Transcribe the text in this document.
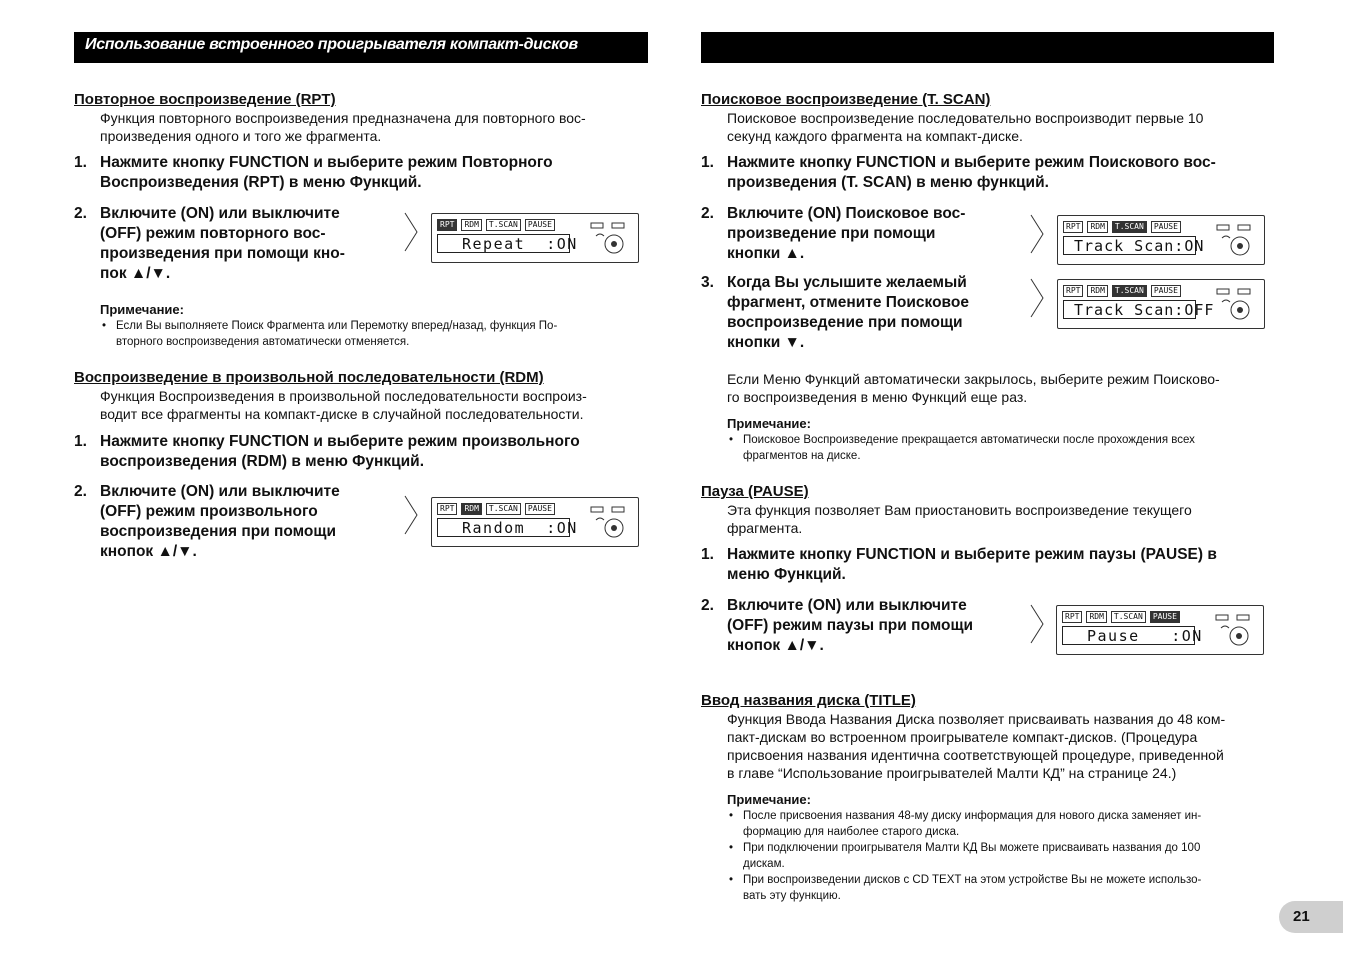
Использование встроенного проигрывателя компакт-дисков

Повторное воспроизведение (RPT)

Функция повторного воспроизведения предназначена для повторного вос-

произведения одного и того же фрагмента.

1. Нажмите кнопку FUNCTION и выберите режим Повторного
Воспроизведения (RPT) в меню Функций.
2. Включите (ON) или выключите
(OFF) режим повторного вос-
произведения при помощи кно-
пок ▲/▼.
RPT	RDM	T.SCAN	PAUSE
Repeat  :ON

Примечание:

• Если Вы выполняете Поиск Фрагмента или Перемотку вперед/назад, функция По-
вторного воспроизведения автоматически отменяется.

Воспроизведение в произвольной последовательности (RDM)

Функция Воспроизведения в произвольной последовательности воспроиз-

водит все фрагменты на компакт-диске в случайной последовательности.

1. Нажмите кнопку FUNCTION и выберите режим произвольного
воспроизведения (RDM) в меню Функций.
2. Включите (ON) или выключите
(OFF) режим произвольного
воспроизведения при помощи
кнопок ▲/▼.
RPT	RDM	T.SCAN	PAUSE
Random  :ON

Поисковое воспроизведение (T. SCAN)

Поисковое воспроизведение последовательно воспроизводит первые 10

секунд каждого фрагмента на компакт-диске.

1. Нажмите кнопку FUNCTION и выберите режим Поискового вос-
произведения (T. SCAN) в меню функций.
2. Включите (ON) Поисковое вос-
произведение при помощи
кнопки ▲.
3. Когда Вы услышите желаемый
фрагмент, отмените Поисковое
воспроизведение при помощи
кнопки ▼.
RPT	RDM	T.SCAN	PAUSE
Track Scan:ON
RPT	RDM	T.SCAN	PAUSE
Track Scan:OFF

Если Меню Функций автоматически закрылось, выберите режим Поисково-

го воспроизведения в меню Функций еще раз.

Примечание:

• Поисковое Воспроизведение прекращается автоматически после прохождения всех
фрагментов на диске.

Пауза (PAUSE)

Эта функция позволяет Вам приостановить воспроизведение текущего

фрагмента.

1. Нажмите кнопку FUNCTION и выберите режим паузы (PAUSE) в
меню Функций.
2. Включите (ON) или выключите
(OFF) режим паузы при помощи
кнопок ▲/▼.
RPT	RDM	T.SCAN	PAUSE
Pause   :ON

Ввод названия диска (TITLE)

Функция Ввода Названия Диска позволяет присваивать названия до 48 ком-

пакт-дискам во встроенном проигрывателе компакт-дисков. (Процедура

присвоения названия идентична соответствующей процедуре, приведенной

в главе “Использование проигрывателей Малти КД” на странице 24.)

Примечание:

• После присвоения названия 48-му диску информация для нового диска заменяет ин-
формацию для наиболее старого диска.
• При подключении проигрывателя Малти КД Вы можете присваивать названия до 100
дискам.
• При воспроизведении дисков с CD TEXT на этом устройстве Вы не можете использо-
вать эту функцию.
21
